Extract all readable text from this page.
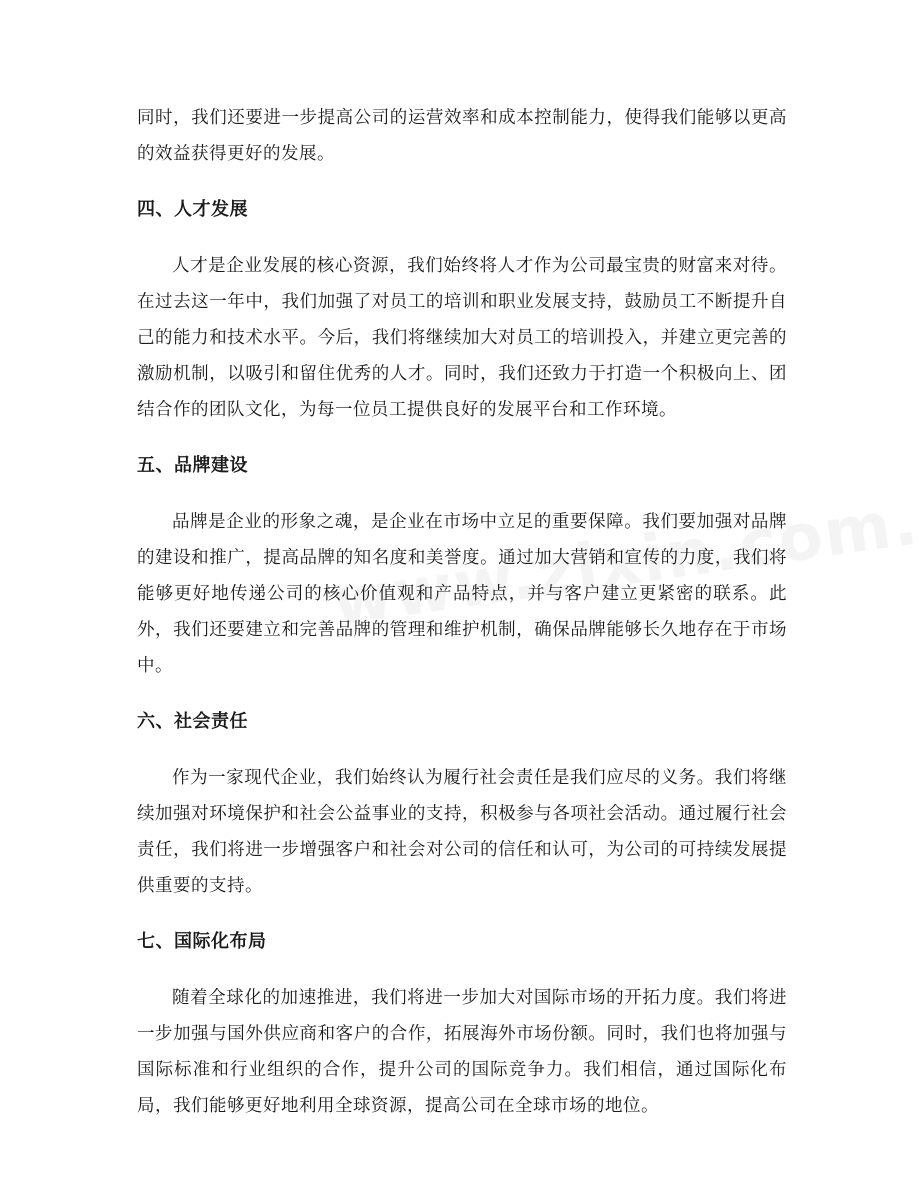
同时，我们还要进一步提高公司的运营效率和成本控制能力，使得我们能够以更高的效益获得更好的发展。

四、人才发展

人才是企业发展的核心资源，我们始终将人才作为公司最宝贵的财富来对待。在过去这一年中，我们加强了对员工的培训和职业发展支持，鼓励员工不断提升自己的能力和技术水平。今后，我们将继续加大对员工的培训投入，并建立更完善的激励机制，以吸引和留住优秀的人才。同时，我们还致力于打造一个积极向上、团结合作的团队文化，为每一位员工提供良好的发展平台和工作环境。

五、品牌建设

品牌是企业的形象之魂，是企业在市场中立足的重要保障。我们要加强对品牌的建设和推广，提高品牌的知名度和美誉度。通过加大营销和宣传的力度，我们将能够更好地传递公司的核心价值观和产品特点，并与客户建立更紧密的联系。此外，我们还要建立和完善品牌的管理和维护机制，确保品牌能够长久地存在于市场中。

六、社会责任

作为一家现代企业，我们始终认为履行社会责任是我们应尽的义务。我们将继续加强对环境保护和社会公益事业的支持，积极参与各项社会活动。通过履行社会责任，我们将进一步增强客户和社会对公司的信任和认可，为公司的可持续发展提供重要的支持。

七、国际化布局

随着全球化的加速推进，我们将进一步加大对国际市场的开拓力度。我们将进一步加强与国外供应商和客户的合作，拓展海外市场份额。同时，我们也将加强与国际标准和行业组织的合作，提升公司的国际竞争力。我们相信，通过国际化布局，我们能够更好地利用全球资源，提高公司在全球市场的地位。
